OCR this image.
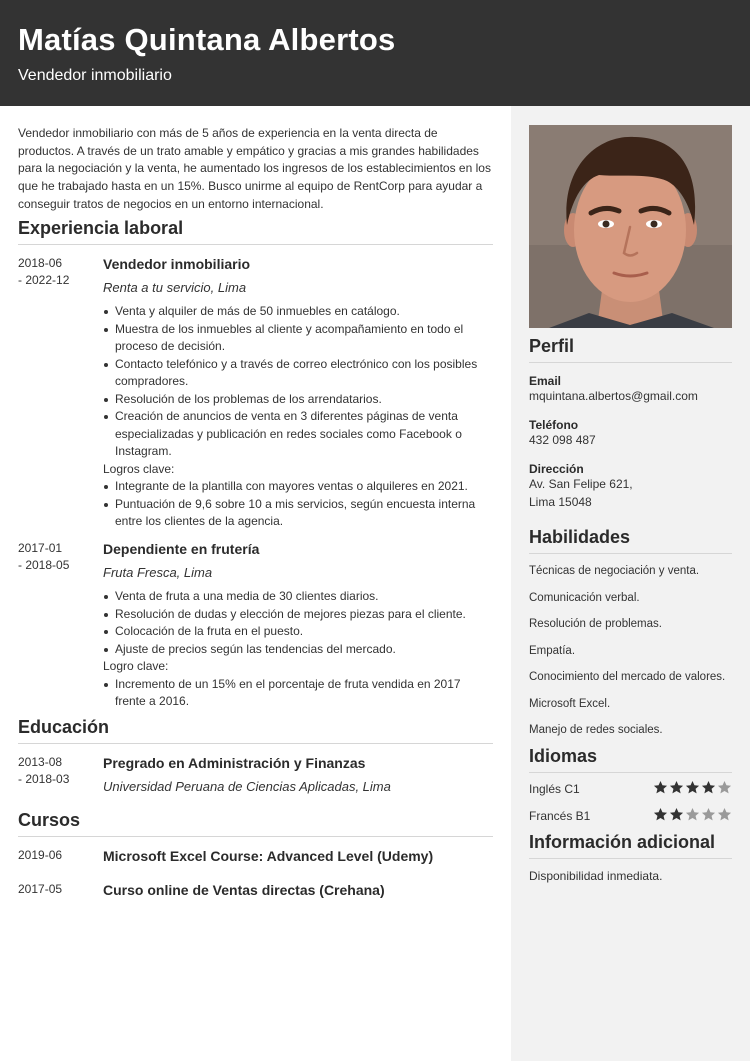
Matías Quintana Albertos
Vendedor inmobiliario

Vendedor inmobiliario con más de 5 años de experiencia en la venta directa de productos. A través de un trato amable y empático y gracias a mis grandes habilidades para la negociación y la venta, he aumentado los ingresos de los establecimientos en los que he trabajado hasta en un 15%. Busco unirme al equipo de RentCorp para ayudar a conseguir tratos de negocios en un entorno internacional.

Experiencia laboral
2018-06
- 2022-12
Vendedor inmobiliario
Renta a tu servicio, Lima
Venta y alquiler de más de 50 inmuebles en catálogo.
Muestra de los inmuebles al cliente y acompañamiento en todo el proceso de decisión.
Contacto telefónico y a través de correo electrónico con los posibles compradores.
Resolución de los problemas de los arrendatarios.
Creación de anuncios de venta en 3 diferentes páginas de venta especializadas y publicación en redes sociales como Facebook o Instagram.
Logros clave:
Integrante de la plantilla con mayores ventas o alquileres en 2021.
Puntuación de 9,6 sobre 10 a mis servicios, según encuesta interna entre los clientes de la agencia.
2017-01
- 2018-05
Dependiente en frutería
Fruta Fresca, Lima
Venta de fruta a una media de 30 clientes diarios.
Resolución de dudas y elección de mejores piezas para el cliente.
Colocación de la fruta en el puesto.
Ajuste de precios según las tendencias del mercado.
Logro clave:
Incremento de un 15% en el porcentaje de fruta vendida en 2017 frente a 2016.
Educación
2013-08
- 2018-03
Pregrado en Administración y Finanzas
Universidad Peruana de Ciencias Aplicadas, Lima
Cursos
2019-06	Microsoft Excel Course: Advanced Level (Udemy)
2017-05	Curso online de Ventas directas (Crehana)
Perfil
Email
mquintana.albertos@gmail.com
Teléfono
432 098 487
Dirección
Av. San Felipe 621,
Lima 15048
Habilidades
Técnicas de negociación y venta.
Comunicación verbal.
Resolución de problemas.
Empatía.
Conocimiento del mercado de valores.
Microsoft Excel.
Manejo de redes sociales.
Idiomas
Inglés C1
Francés B1
Información adicional
Disponibilidad inmediata.
